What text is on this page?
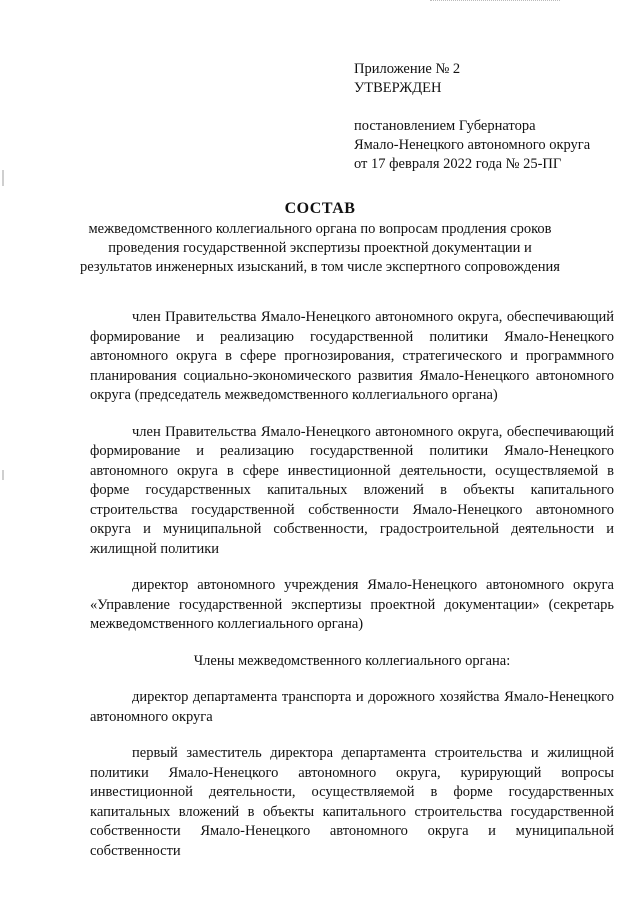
Приложение № 2
УТВЕРЖДЕН
постановлением Губернатора
Ямало-Ненецкого автономного округа
от 17 февраля 2022 года № 25-ПГ
СОСТАВ
межведомственного коллегиального органа по вопросам продления сроков
проведения государственной экспертизы проектной документации и
результатов инженерных изысканий, в том числе экспертного сопровождения

член Правительства Ямало-Ненецкого автономного округа, обеспечивающий формирование и реализацию государственной политики Ямало-Ненецкого автономного округа в сфере прогнозирования, стратегического и программного планирования социально-экономического развития Ямало-Ненецкого автономного округа (председатель межведомственного коллегиального органа)

член Правительства Ямало-Ненецкого автономного округа, обеспечивающий формирование и реализацию государственной политики Ямало-Ненецкого автономного округа в сфере инвестиционной деятельности, осуществляемой в форме государственных капитальных вложений в объекты капитального строительства государственной собственности Ямало-Ненецкого автономного округа и муниципальной собственности, градостроительной деятельности и жилищной политики

директор автономного учреждения Ямало-Ненецкого автономного округа «Управление государственной экспертизы проектной документации» (секретарь межведомственного коллегиального органа)

Члены межведомственного коллегиального органа:

директор департамента транспорта и дорожного хозяйства Ямало-Ненецкого автономного округа

первый заместитель директора департамента строительства и жилищной политики Ямало-Ненецкого автономного округа, курирующий вопросы инвестиционной деятельности, осуществляемой в форме государственных капитальных вложений в объекты капитального строительства государственной собственности Ямало-Ненецкого автономного округа и муниципальной собственности
